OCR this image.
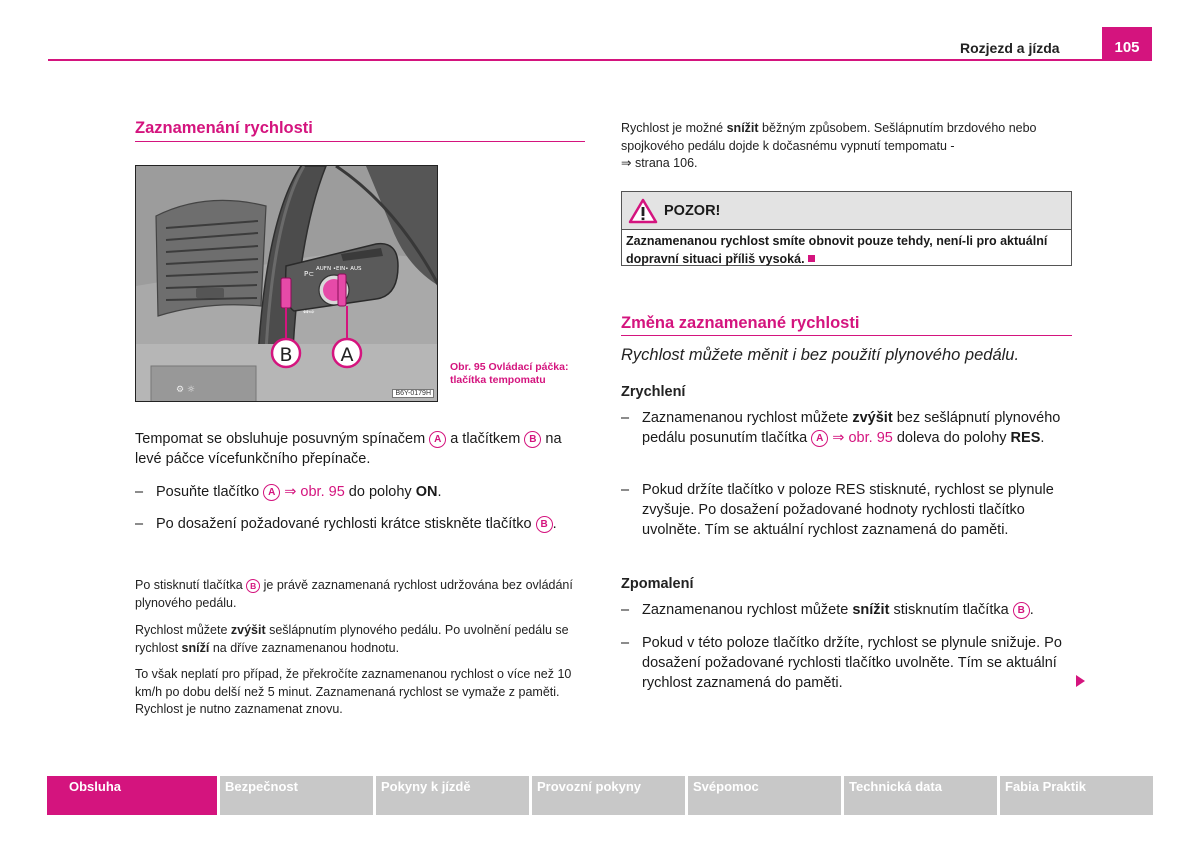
Rozjezd a jízda	105
Zaznamenání rychlosti
⚙ ☼
AUFN •EIN• AUS
⇔⇨
P⊂
B	A
B6Y-0179H
Obr. 95 Ovládací páčka: tlačítka tempomatu
Tempomat se obsluhuje posuvným spínačem A a tlačítkem B na levé páčce vícefunkčního přepínače.
– Posuňte tlačítko A ⇒ obr. 95 do polohy ON.
– Po dosažení požadované rychlosti krátce stiskněte tlačítko B .
Po stisknutí tlačítka B je právě zaznamenaná rychlost udržována bez ovládání plynového pedálu.
Rychlost můžete zvýšit sešlápnutím plynového pedálu. Po uvolnění pedálu se rychlost sníží na dříve zaznamenanou hodnotu.
To však neplatí pro případ, že překročíte zaznamenanou rychlost o více než 10 km/h po dobu delší než 5 minut. Zaznamenaná rychlost se vymaže z paměti. Rychlost je nutno zaznamenat znovu.
Rychlost je možné snížit běžným způsobem. Sešlápnutím brzdového nebo spojkového pedálu dojde k dočasnému vypnutí tempomatu -
⇒ strana 106.
POZOR!
Zaznamenanou rychlost smíte obnovit pouze tehdy, není-li pro aktuální dopravní situaci příliš vysoká.
Změna zaznamenané rychlosti
Rychlost můžete měnit i bez použití plynového pedálu.
Zrychlení
– Zaznamenanou rychlost můžete zvýšit bez sešlápnutí plynového pedálu posunutím tlačítka A ⇒ obr. 95 doleva do polohy RES.
– Pokud držíte tlačítko v poloze RES stisknuté, rychlost se plynule zvyšuje. Po dosažení požadované hodnoty rychlosti tlačítko uvolněte. Tím se aktuální rychlost zaznamená do paměti.
Zpomalení
– Zaznamenanou rychlost můžete snížit stisknutím tlačítka B .
– Pokud v této poloze tlačítko držíte, rychlost se plynule snižuje. Po dosažení požadované rychlosti tlačítko uvolněte. Tím se aktuální rychlost zaznamená do paměti.
Obsluha	Bezpečnost	Pokyny k jízdě	Provozní pokyny	Svépomoc	Technická data	Fabia Praktik
